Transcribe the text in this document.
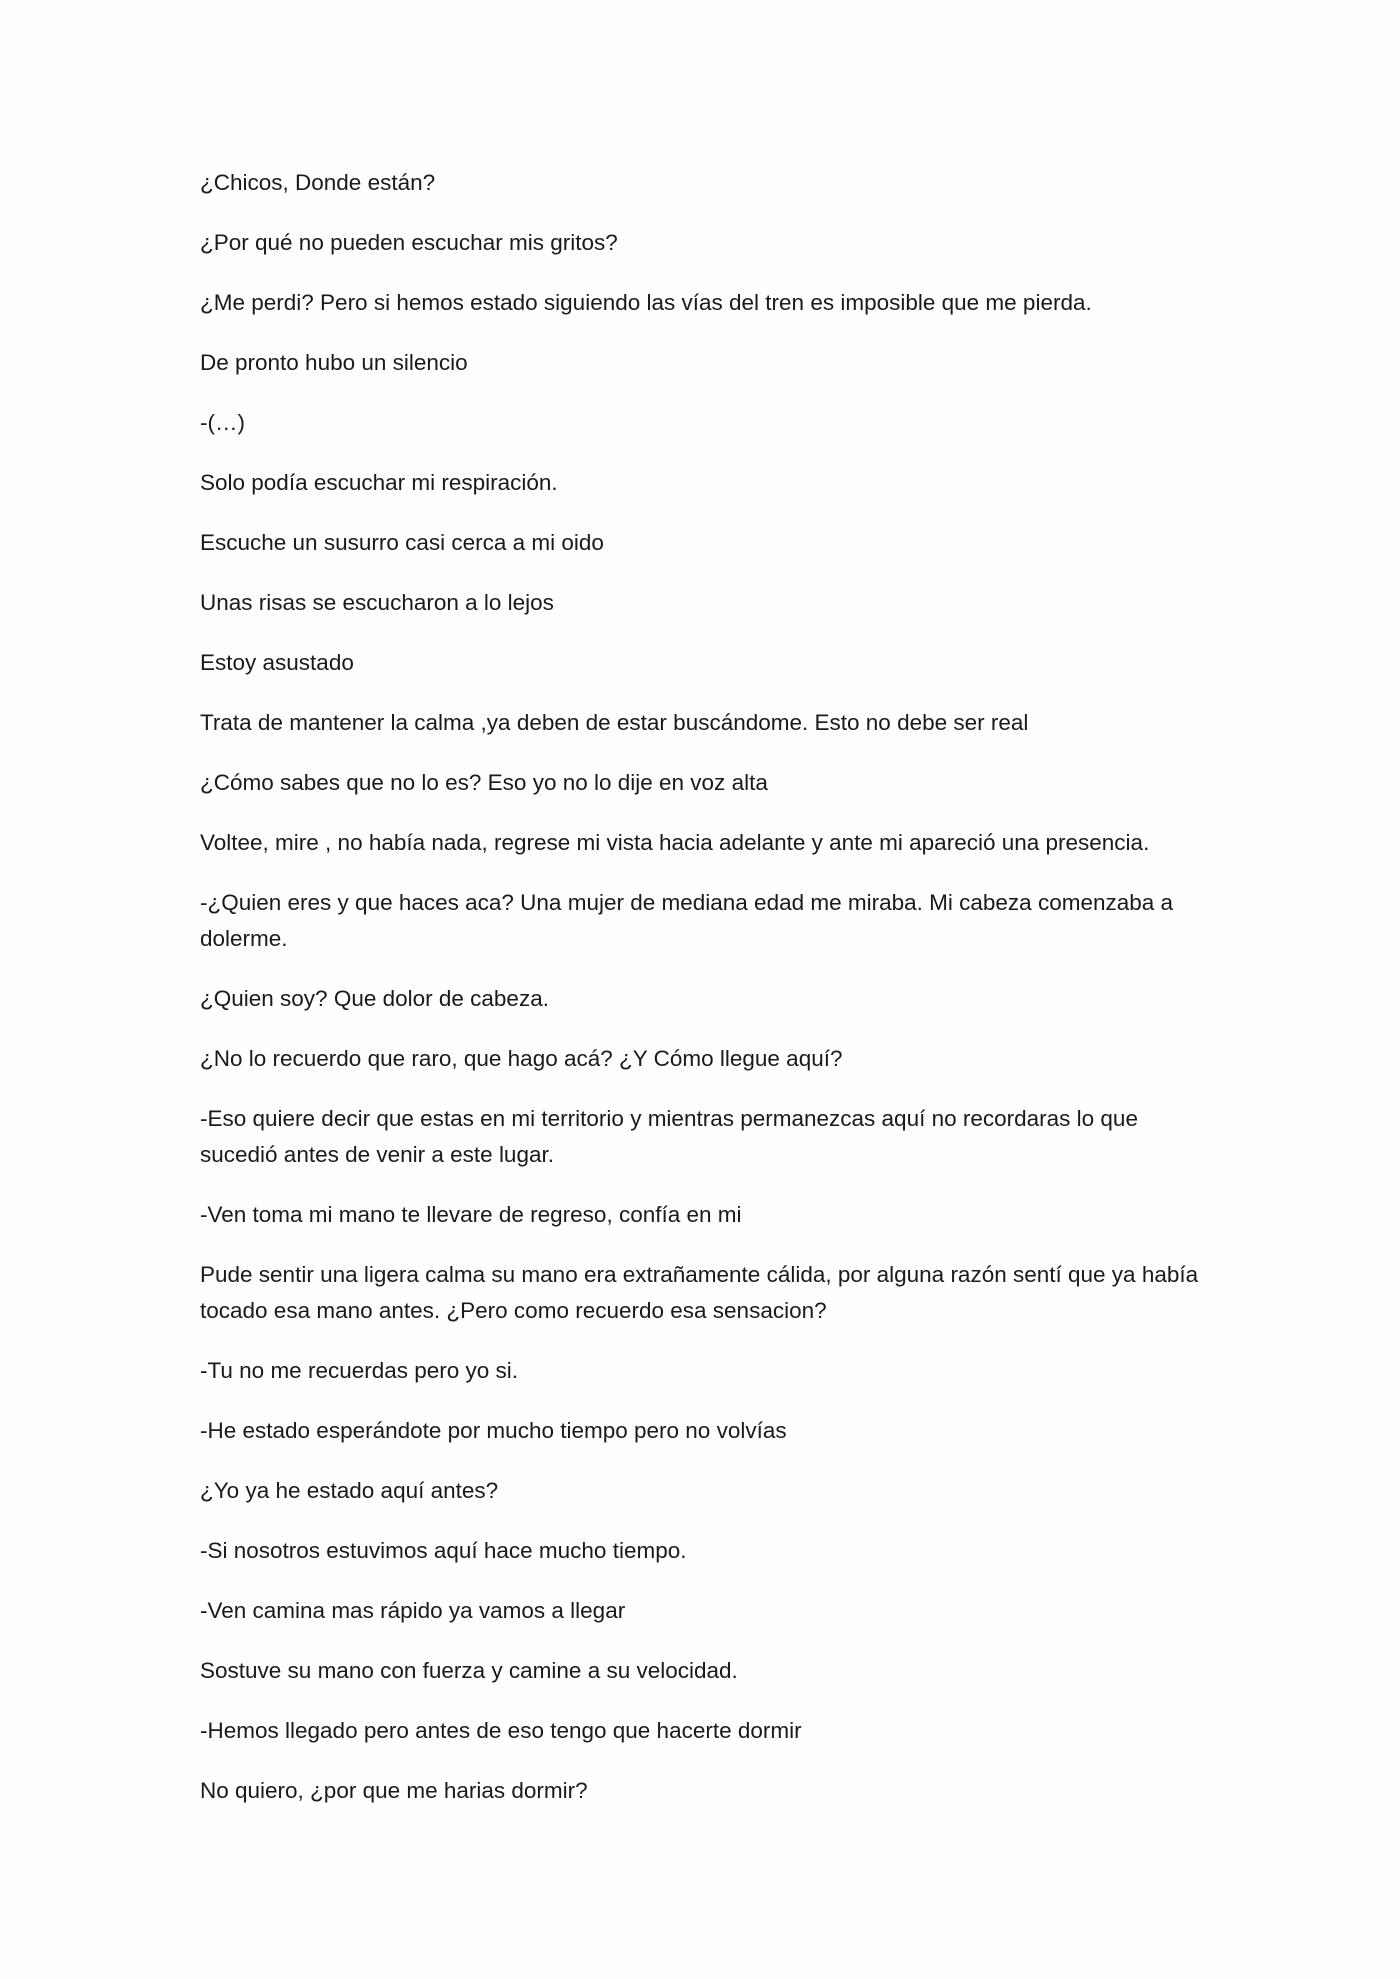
¿Chicos, Donde están?

¿Por qué no pueden escuchar mis gritos?

¿Me perdi? Pero si hemos estado siguiendo las vías del tren es imposible que me pierda.

De pronto hubo un silencio

-(…)

Solo podía escuchar mi respiración.

Escuche un susurro casi cerca a mi oido

Unas risas se escucharon a lo lejos

Estoy asustado

Trata de mantener la calma ,ya deben de estar buscándome. Esto no debe ser real

¿Cómo sabes que no lo es? Eso yo no lo dije en voz alta

Voltee, mire , no había nada, regrese mi vista hacia adelante y ante mi apareció una presencia.

-¿Quien eres y que haces aca? Una mujer de mediana edad me miraba. Mi cabeza comenzaba a dolerme.

¿Quien soy? Que dolor de cabeza.

¿No lo recuerdo que raro, que hago acá? ¿Y Cómo llegue aquí?

-Eso quiere decir que estas en mi territorio y mientras permanezcas aquí no recordaras lo que sucedió antes de venir a este lugar.

-Ven toma mi mano te llevare de regreso, confía en mi

Pude sentir una ligera calma su mano era extrañamente cálida, por alguna razón sentí que ya había tocado esa mano antes. ¿Pero como recuerdo esa sensacion?

-Tu no me recuerdas pero yo si.

-He estado esperándote por mucho tiempo pero no volvías

¿Yo ya he estado aquí antes?

-Si nosotros estuvimos aquí hace mucho tiempo.

-Ven camina mas rápido ya vamos a llegar

Sostuve su mano con fuerza y camine a su velocidad.

-Hemos llegado pero antes de eso tengo que hacerte dormir

No quiero, ¿por que me harias dormir?
